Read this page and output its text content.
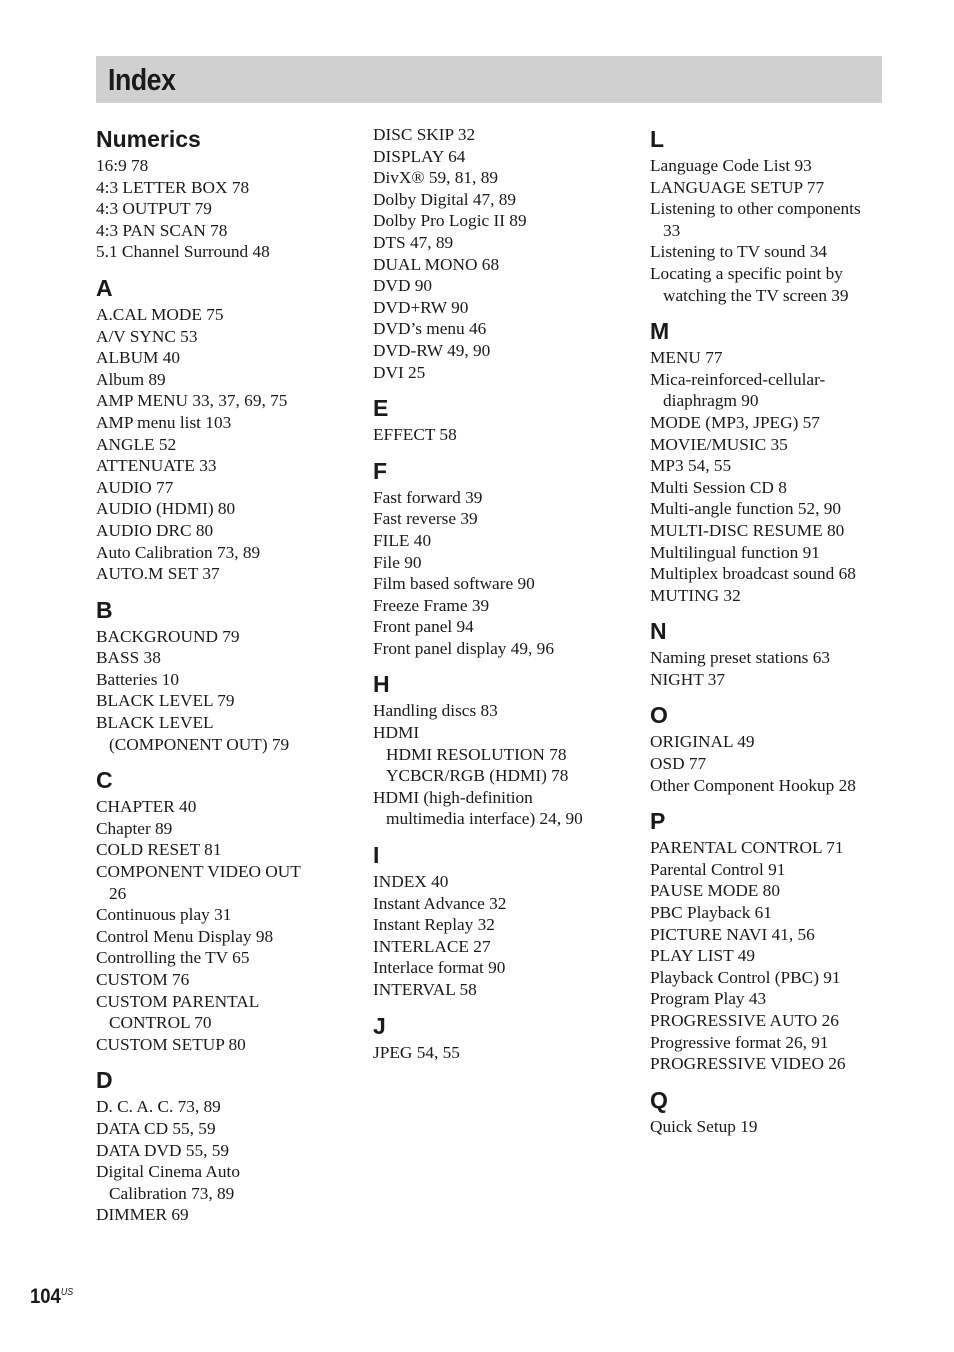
Index
Numerics
16:9 78
4:3 LETTER BOX 78
4:3 OUTPUT 79
4:3 PAN SCAN 78
5.1 Channel Surround 48
A
A.CAL MODE 75
A/V SYNC 53
ALBUM 40
Album 89
AMP MENU 33, 37, 69, 75
AMP menu list 103
ANGLE 52
ATTENUATE 33
AUDIO 77
AUDIO (HDMI) 80
AUDIO DRC 80
Auto Calibration 73, 89
AUTO.M SET 37
B
BACKGROUND 79
BASS 38
Batteries 10
BLACK LEVEL 79
BLACK LEVEL
(COMPONENT OUT) 79
C
CHAPTER 40
Chapter 89
COLD RESET 81
COMPONENT VIDEO OUT
26
Continuous play 31
Control Menu Display 98
Controlling the TV 65
CUSTOM 76
CUSTOM PARENTAL
CONTROL 70
CUSTOM SETUP 80
D
D. C. A. C. 73, 89
DATA CD 55, 59
DATA DVD 55, 59
Digital Cinema Auto
Calibration 73, 89
DIMMER 69
DISC SKIP 32
DISPLAY 64
DivX® 59, 81, 89
Dolby Digital 47, 89
Dolby Pro Logic II 89
DTS 47, 89
DUAL MONO 68
DVD 90
DVD+RW 90
DVD’s menu 46
DVD-RW 49, 90
DVI 25
E
EFFECT 58
F
Fast forward 39
Fast reverse 39
FILE 40
File 90
Film based software 90
Freeze Frame 39
Front panel 94
Front panel display 49, 96
H
Handling discs 83
HDMI
HDMI RESOLUTION 78
YCBCR/RGB (HDMI) 78
HDMI (high-definition
multimedia interface) 24, 90
I
INDEX 40
Instant Advance 32
Instant Replay 32
INTERLACE 27
Interlace format 90
INTERVAL 58
J
JPEG 54, 55
L
Language Code List 93
LANGUAGE SETUP 77
Listening to other components
33
Listening to TV sound 34
Locating a specific point by
watching the TV screen 39
M
MENU 77
Mica-reinforced-cellular-
diaphragm 90
MODE (MP3, JPEG) 57
MOVIE/MUSIC 35
MP3 54, 55
Multi Session CD 8
Multi-angle function 52, 90
MULTI-DISC RESUME 80
Multilingual function 91
Multiplex broadcast sound 68
MUTING 32
N
Naming preset stations 63
NIGHT 37
O
ORIGINAL 49
OSD 77
Other Component Hookup 28
P
PARENTAL CONTROL 71
Parental Control 91
PAUSE MODE 80
PBC Playback 61
PICTURE NAVI 41, 56
PLAY LIST 49
Playback Control (PBC) 91
Program Play 43
PROGRESSIVE AUTO 26
Progressive format 26, 91
PROGRESSIVE VIDEO 26
Q
Quick Setup 19
$104^{US}$
